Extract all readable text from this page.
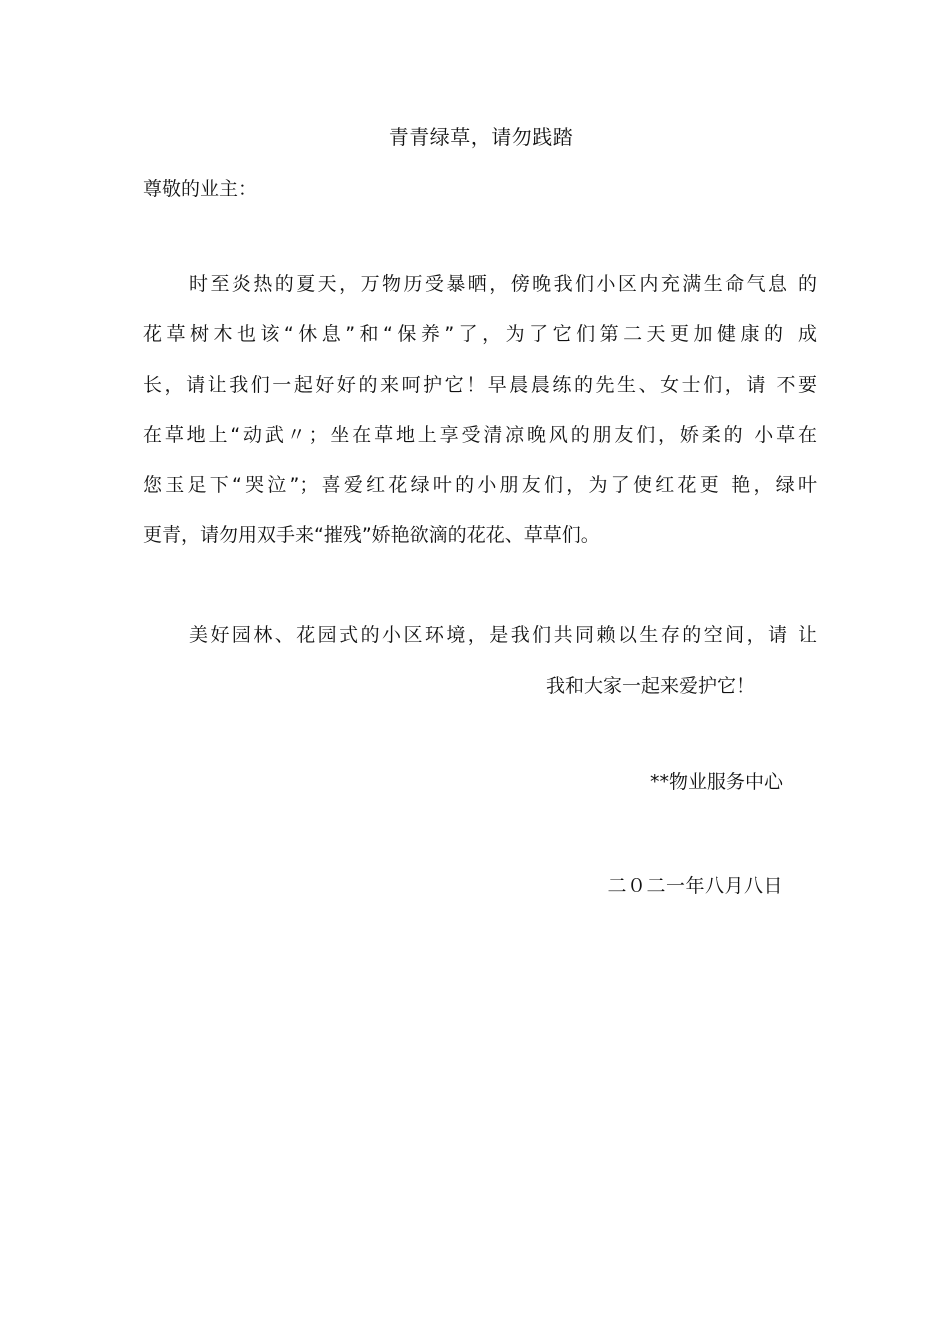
青青绿草，请勿践踏
尊敬的业主：
时至炎热的夏天，万物历受暴晒，傍晚我们小区内充满生命气息 的
花草树木也该“休息”和“保养”了，为了它们第二天更加健康的 成
长，请让我们一起好好的来呵护它！早晨晨练的先生、女士们，请 不要
在草地上“动武〃；坐在草地上享受清凉晚风的朋友们，娇柔的 小草在
您玉足下“哭泣”；喜爱红花绿叶的小朋友们，为了使红花更 艳，绿叶
更青，请勿用双手来“摧残”娇艳欲滴的花花、草草们。
美好园林、花园式的小区环境，是我们共同赖以生存的空间，请 让
我和大家一起来爱护它！
**物业服务中心
二０二一年八月八日
